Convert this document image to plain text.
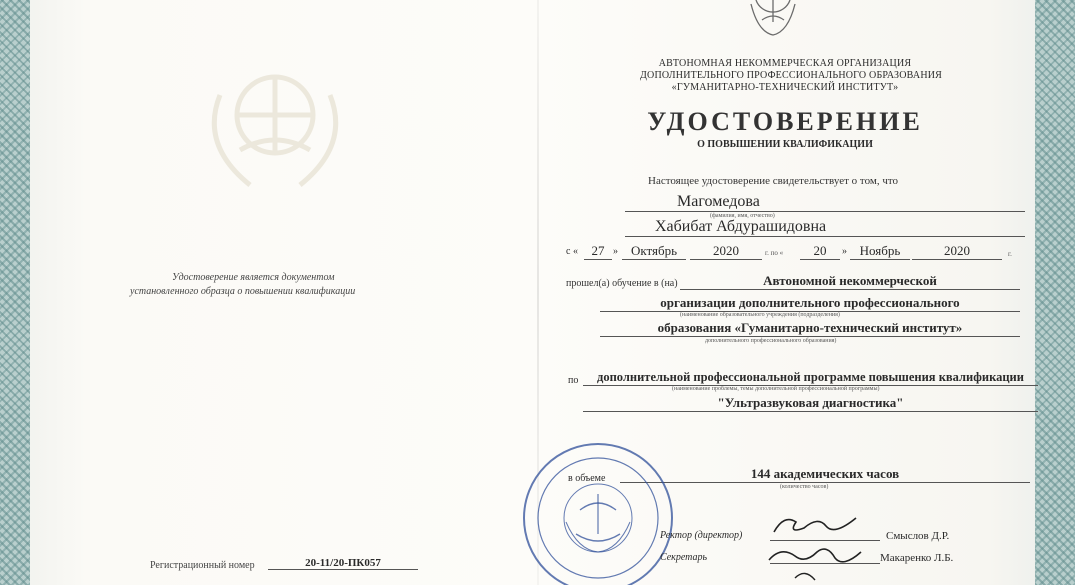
Удостоверение является документом
установленного образца о повышении квалификации
Регистрационный номер	20-11/20-ПК057
АВТОНОМНАЯ НЕКОММЕРЧЕСКАЯ ОРГАНИЗАЦИЯ
ДОПОЛНИТЕЛЬНОГО ПРОФЕССИОНАЛЬНОГО ОБРАЗОВАНИЯ
«ГУМАНИТАРНО-ТЕХНИЧЕСКИЙ ИНСТИТУТ»
УДОСТОВЕРЕНИЕ
О ПОВЫШЕНИИ КВАЛИФИКАЦИИ
Настоящее удостоверение свидетельствует о том, что
Магомедова
(фамилия, имя, отчество)
Хабибат Абдурашидовна
с «	27 » Октябрь	2020	г. по «	20	» Ноябрь	2020	г.
прошел(а) обучение в (на)	Автономной некоммерческой
организации дополнительного профессионального
(наименование образовательного учреждения (подразделения)
образования «Гуманитарно-технический институт»
дополнительного профессионального образования)
по	дополнительной профессиональной программе повышения квалификации
(наименование проблемы, темы дополнительной профессиональной программы)
"Ультразвуковая диагностика"
в объеме	144 академических часов
(количество часов)
Ректор (директор)	Смыслов Д.Р.
Секретарь	Макаренко Л.Б.
